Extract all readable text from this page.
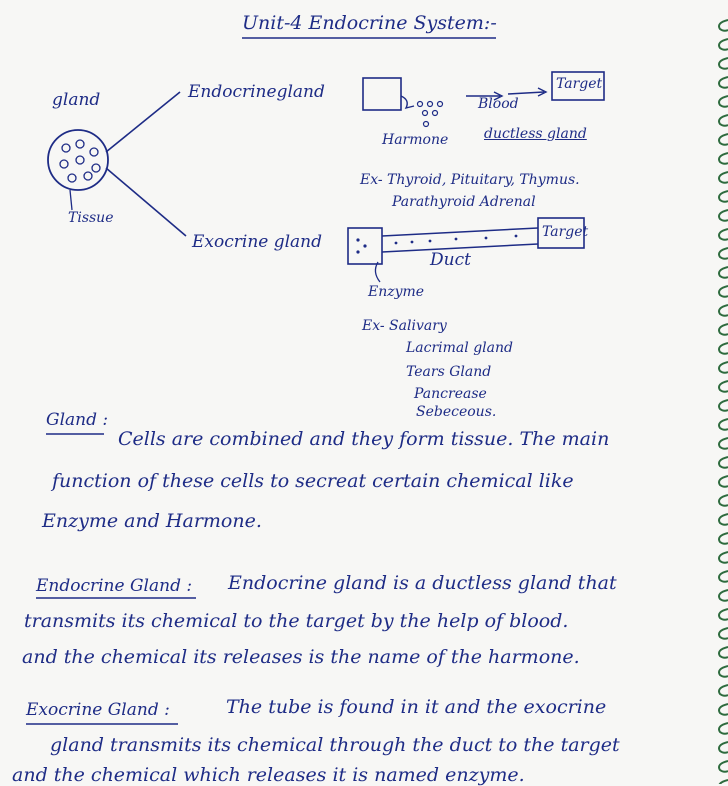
Unit-4 Endocrine System:-
gland
Tissue
Endocrinegland
Blood
Target
Harmone	ductless gland
Ex- Thyroid, Pituitary, Thymus.
Parathyroid Adrenal
Exocrine gland	Target
Duct
Enzyme
Ex- Salivary
Lacrimal gland
Tears Gland
Pancrease
Sebeceous.
Gland :
Cells are combined and they form tissue. The main
function of these cells to secreat certain chemical like
Enzyme and Harmone.
Endocrine Gland : Endocrine gland is a ductless gland that
transmits its chemical to the target by the help of blood.
and the chemical its releases is the name of the harmone.
Exocrine Gland :	The tube is found in it and the exocrine
gland transmits its chemical through the duct to the target
and the chemical which releases it is named enzyme.
